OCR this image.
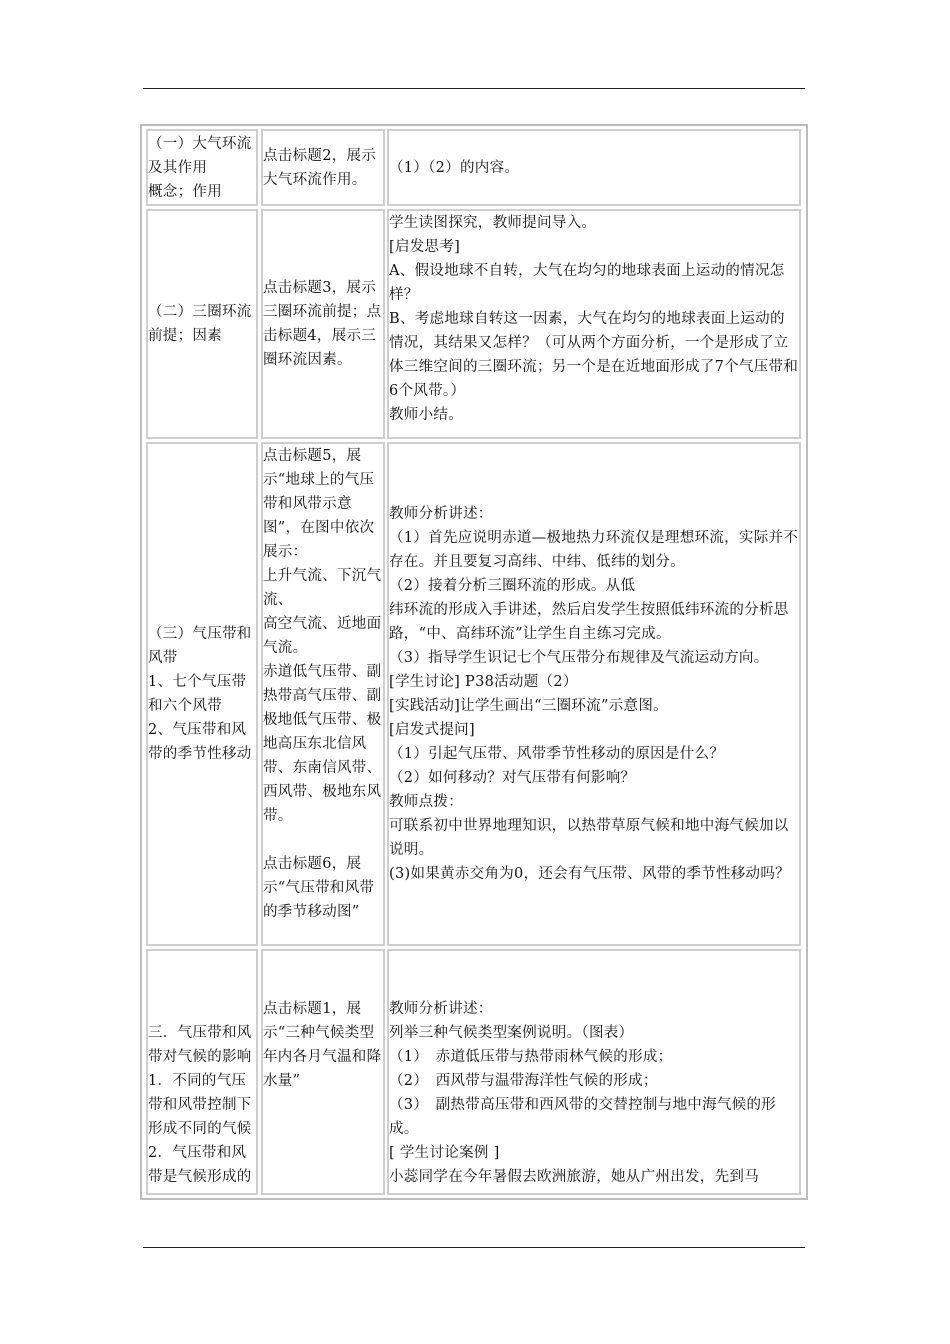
（一）大气环流及其作用
概念；作用
点击标题2，展示大气环流作用。
（1）（2）的内容。
（二）三圈环流前提；因素
点击标题3，展示三圈环流前提；点击标题4，展示三圈环流因素。
学生读图探究，教师提问导入。
[启发思考]
A、假设地球不自转，大气在均匀的地球表面上运动的情况怎样？
B、考虑地球自转这一因素，大气在均匀的地球表面上运动的情况，其结果又怎样？（可从两个方面分析，一个是形成了立体三维空间的三圈环流；另一个是在近地面形成了7个气压带和6个风带。）
教师小结。
（三）气压带和风带
1、七个气压带和六个风带
2、气压带和风带的季节性移动
点击标题5，展示“地球上的气压带和风带示意图”，在图中依次展示：
上升气流、下沉气流、
高空气流、近地面气流。
赤道低气压带、副热带高气压带、副极地低气压带、极地高压东北信风带、东南信风带、西风带、极地东风带。

点击标题6，展示“气压带和风带的季节移动图”
教师分析讲述：
（1）首先应说明赤道—极地热力环流仅是理想环流，实际并不存在。并且要复习高纬、中纬、低纬的划分。
（2）接着分析三圈环流的形成。从低
纬环流的形成入手讲述，然后启发学生按照低纬环流的分析思路，“中、高纬环流”让学生自主练习完成。
（3）指导学生识记七个气压带分布规律及气流运动方向。
[学生讨论] P38活动题（2）
[实践活动]让学生画出“三圈环流”示意图。
[启发式提问]
（1）引起气压带、风带季节性移动的原因是什么？
（2）如何移动？对气压带有何影响？
教师点拨：
可联系初中世界地理知识，以热带草原气候和地中海气候加以说明。
(3)如果黄赤交角为0，还会有气压带、风带的季节性移动吗？
三．气压带和风带对气候的影响
1．不同的气压带和风带控制下形成不同的气候
2．气压带和风带是气候形成的
点击标题1，展示“三种气候类型年内各月气温和降水量”
教师分析讲述：
列举三种气候类型案例说明。（图表）
（1）　赤道低压带与热带雨林气候的形成；
（2）　西风带与温带海洋性气候的形成；
（3）　副热带高压带和西风带的交替控制与地中海气候的形成。
[ 学生讨论案例 ]
小蕊同学在今年暑假去欧洲旅游，她从广州出发，先到马
